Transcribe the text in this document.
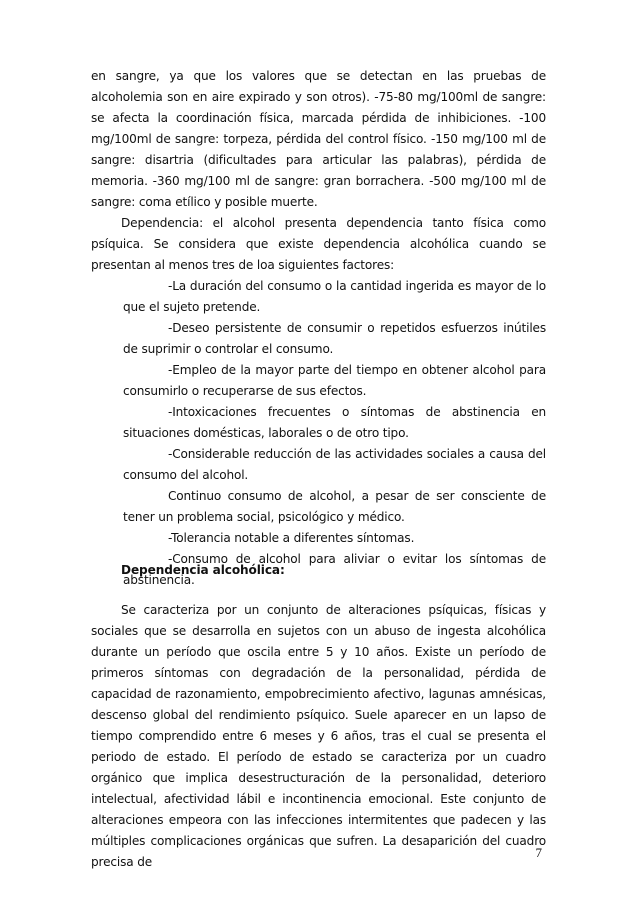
en sangre, ya que los valores que se detectan en las pruebas de alcoholemia son en aire expirado y son otros). -75-80 mg/100ml de sangre: se afecta la coordinación física, marcada pérdida de inhibiciones. -100 mg/100ml de sangre: torpeza, pérdida del control físico. -150 mg/100 ml de sangre: disartria (dificultades para articular las palabras), pérdida de memoria. -360 mg/100 ml de sangre: gran borrachera. -500 mg/100 ml de sangre: coma etílico y posible muerte.

Dependencia: el alcohol presenta dependencia tanto física como psíquica. Se considera que existe dependencia alcohólica cuando se presentan al menos tres de loa siguientes factores:

-La duración del consumo o la cantidad ingerida es mayor de lo que el sujeto pretende.

-Deseo persistente de consumir o repetidos esfuerzos inútiles de suprimir o controlar el consumo.

-Empleo de la mayor parte del tiempo en obtener alcohol para consumirlo o recuperarse de sus efectos.

-Intoxicaciones frecuentes o síntomas de abstinencia en situaciones domésticas, laborales o de otro tipo.

-Considerable reducción de las actividades sociales a causa del consumo del alcohol.

Continuo consumo de alcohol, a pesar de ser consciente de tener un problema social, psicológico y médico.

-Tolerancia notable a diferentes síntomas.

-Consumo de alcohol para aliviar o evitar los síntomas de abstinencia.

Dependencia alcohólica:

Se caracteriza por un conjunto de alteraciones psíquicas, físicas y sociales que se desarrolla en sujetos con un abuso de ingesta alcohólica durante un período que oscila entre 5 y 10 años. Existe un período de primeros síntomas con degradación de la personalidad, pérdida de capacidad de razonamiento, empobrecimiento afectivo, lagunas amnésicas, descenso global del rendimiento psíquico. Suele aparecer en un lapso de tiempo comprendido entre 6 meses y 6 años, tras el cual se presenta el periodo de estado. El período de estado se caracteriza por un cuadro orgánico que implica desestructuración de la personalidad, deterioro intelectual, afectividad lábil e incontinencia emocional. Este conjunto de alteraciones empeora con las infecciones intermitentes que padecen y las múltiples complicaciones orgánicas que sufren. La desaparición del cuadro precisa de

7
